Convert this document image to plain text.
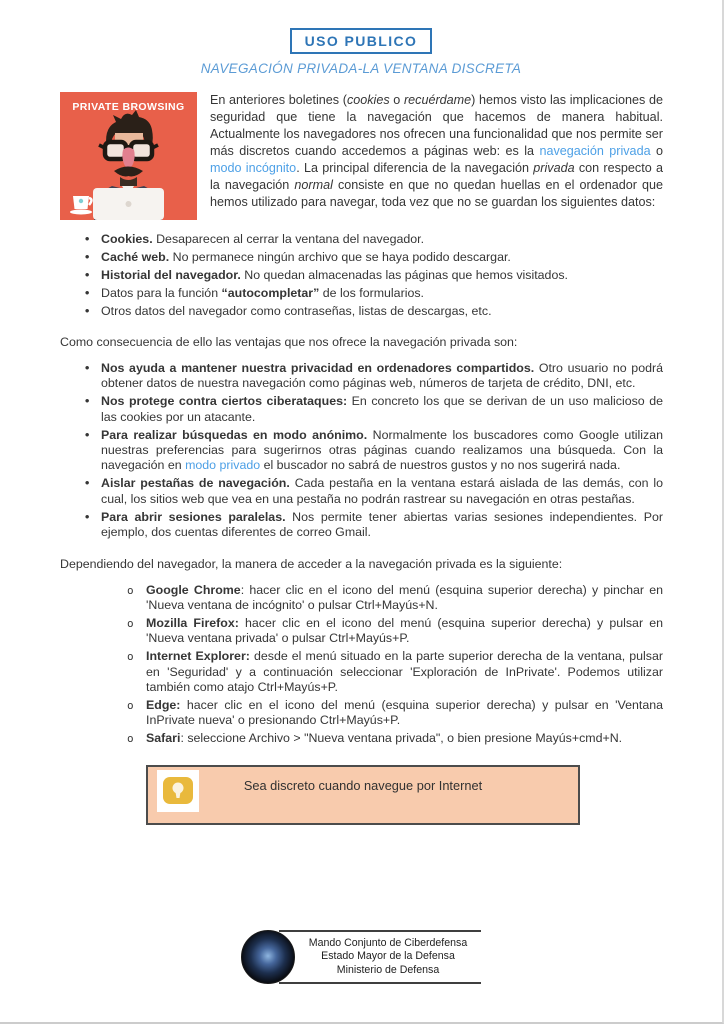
USO PUBLICO
NAVEGACIÓN PRIVADA-LA VENTANA DISCRETA
PRIVATE BROWSING	En anteriores boletines (cookies o recuérdame) hemos visto las implicaciones de seguridad que tiene la navegación que hacemos de manera habitual. Actualmente los navegadores nos ofrecen una funcionalidad que nos permite ser más discretos cuando accedemos a páginas web: es la navegación privada o modo incógnito. La principal diferencia de la navegación privada con respecto a la navegación normal consiste en que no quedan huellas en el ordenador que hemos utilizado para navegar, toda vez que no se guardan los siguientes datos:

• Cookies. Desaparecen al cerrar la ventana del navegador.
• Caché web. No permanece ningún archivo que se haya podido descargar.
• Historial del navegador. No quedan almacenadas las páginas que hemos visitados.
• Datos para la función “autocompletar” de los formularios.
• Otros datos del navegador como contraseñas, listas de descargas, etc.

Como consecuencia de ello las ventajas que nos ofrece la navegación privada son:

• Nos ayuda a mantener nuestra privacidad en ordenadores compartidos. Otro usuario no podrá obtener datos de nuestra navegación como páginas web, números de tarjeta de crédito, DNI, etc.
• Nos protege contra ciertos ciberataques: En concreto los que se derivan de un uso malicioso de las cookies por un atacante.
• Para realizar búsquedas en modo anónimo. Normalmente los buscadores como Google utilizan nuestras preferencias para sugerirnos otras páginas cuando realizamos una búsqueda. Con la navegación en modo privado el buscador no sabrá de nuestros gustos y no nos sugerirá nada.
• Aislar pestañas de navegación. Cada pestaña en la ventana estará aislada de las demás, con lo cual, los sitios web que vea en una pestaña no podrán rastrear su navegación en otras pestañas.
• Para abrir sesiones paralelas. Nos permite tener abiertas varias sesiones independientes. Por ejemplo, dos cuentas diferentes de correo Gmail.

Dependiendo del navegador, la manera de acceder a la navegación privada es la siguiente:

o Google Chrome: hacer clic en el icono del menú (esquina superior derecha) y pinchar en 'Nueva ventana de incógnito' o pulsar Ctrl+Mayús+N.
o Mozilla Firefox: hacer clic en el icono del menú (esquina superior derecha) y pulsar en 'Nueva ventana privada' o pulsar Ctrl+Mayús+P.
o Internet Explorer: desde el menú situado en la parte superior derecha de la ventana, pulsar en 'Seguridad' y a continuación seleccionar 'Exploración de InPrivate'. Podemos utilizar también como atajo Ctrl+Mayús+P.
o Edge: hacer clic en el icono del menú (esquina superior derecha) y pulsar en 'Ventana InPrivate nueva' o presionando Ctrl+Mayús+P.
o Safari: seleccione Archivo > "Nueva ventana privada", o bien presione Mayús+cmd+N.
Sea discreto cuando navegue por Internet
Mando Conjunto de Ciberdefensa
Estado Mayor de la Defensa
Ministerio de Defensa
